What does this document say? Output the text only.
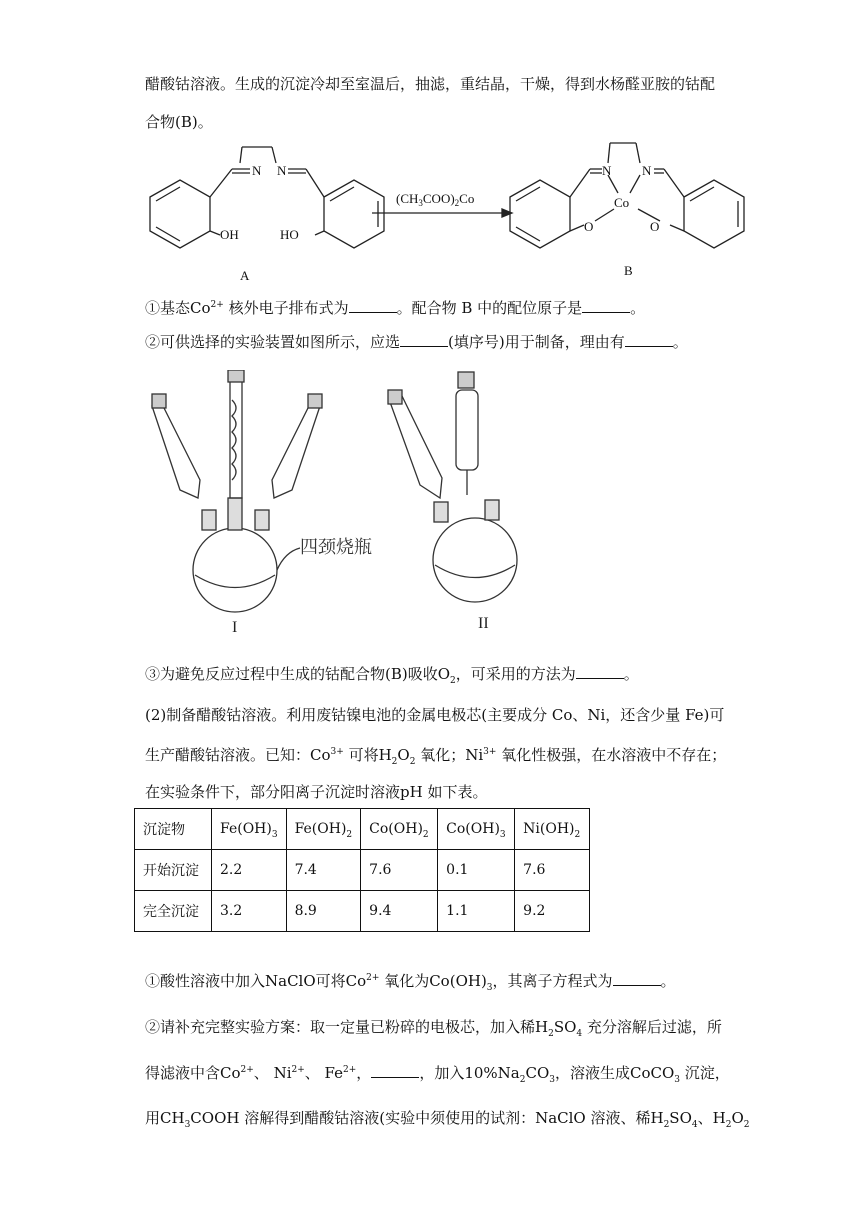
醋酸钴溶液。生成的沉淀冷却至室温后，抽滤，重结晶，干燥，得到水杨醛亚胺的钴配
合物(B)。
N N
OH	HO
N N
Co
O	O
A	B
$(CH_3COO)_2Co$
①基态$Co^{2+}$ 核外电子排布式为	。配合物 B 中的配位原子是	。
②可供选择的实验装置如图所示，应选	(填序号)用于制备，理由有	。
四颈烧瓶
I	II
③为避免反应过程中生成的钴配合物(B)吸收$O_2$，可采用的方法为	。
(2)制备醋酸钴溶液。利用废钴镍电池的金属电极芯(主要成分 Co、Ni，还含少量 Fe)可
生产醋酸钴溶液。已知：$Co^{3+}$ 可将$H_2O_2$ 氧化；$Ni^{3+}$ 氧化性极强，在水溶液中不存在；
在实验条件下，部分阳离子沉淀时溶液pH 如下表。
沉淀物	$Fe(OH)_3$	$Fe(OH)_2$	$Co(OH)_2$	$Co(OH)_3$	$Ni(OH)_2$
开始沉淀	2.2	7.4	7.6	0.1	7.6
完全沉淀	3.2	8.9	9.4	1.1	9.2
①酸性溶液中加入NaClO可将$Co^{2+}$ 氧化为$Co(OH)_3$，其离子方程式为	。
②请补充完整实验方案：取一定量已粉碎的电极芯，加入稀$H_2SO_4$ 充分溶解后过滤，所
得滤液中含$Co^{2+}$、 $Ni^{2+}$、 $Fe^{2+}$，	，加入$10\%Na_2CO_3$，溶液生成CoCO$_3$ 沉淀，
用$CH_3COOH$ 溶解得到醋酸钴溶液(实验中须使用的试剂：NaClO 溶液、稀$H_2SO_4$、$H_2O_2$
